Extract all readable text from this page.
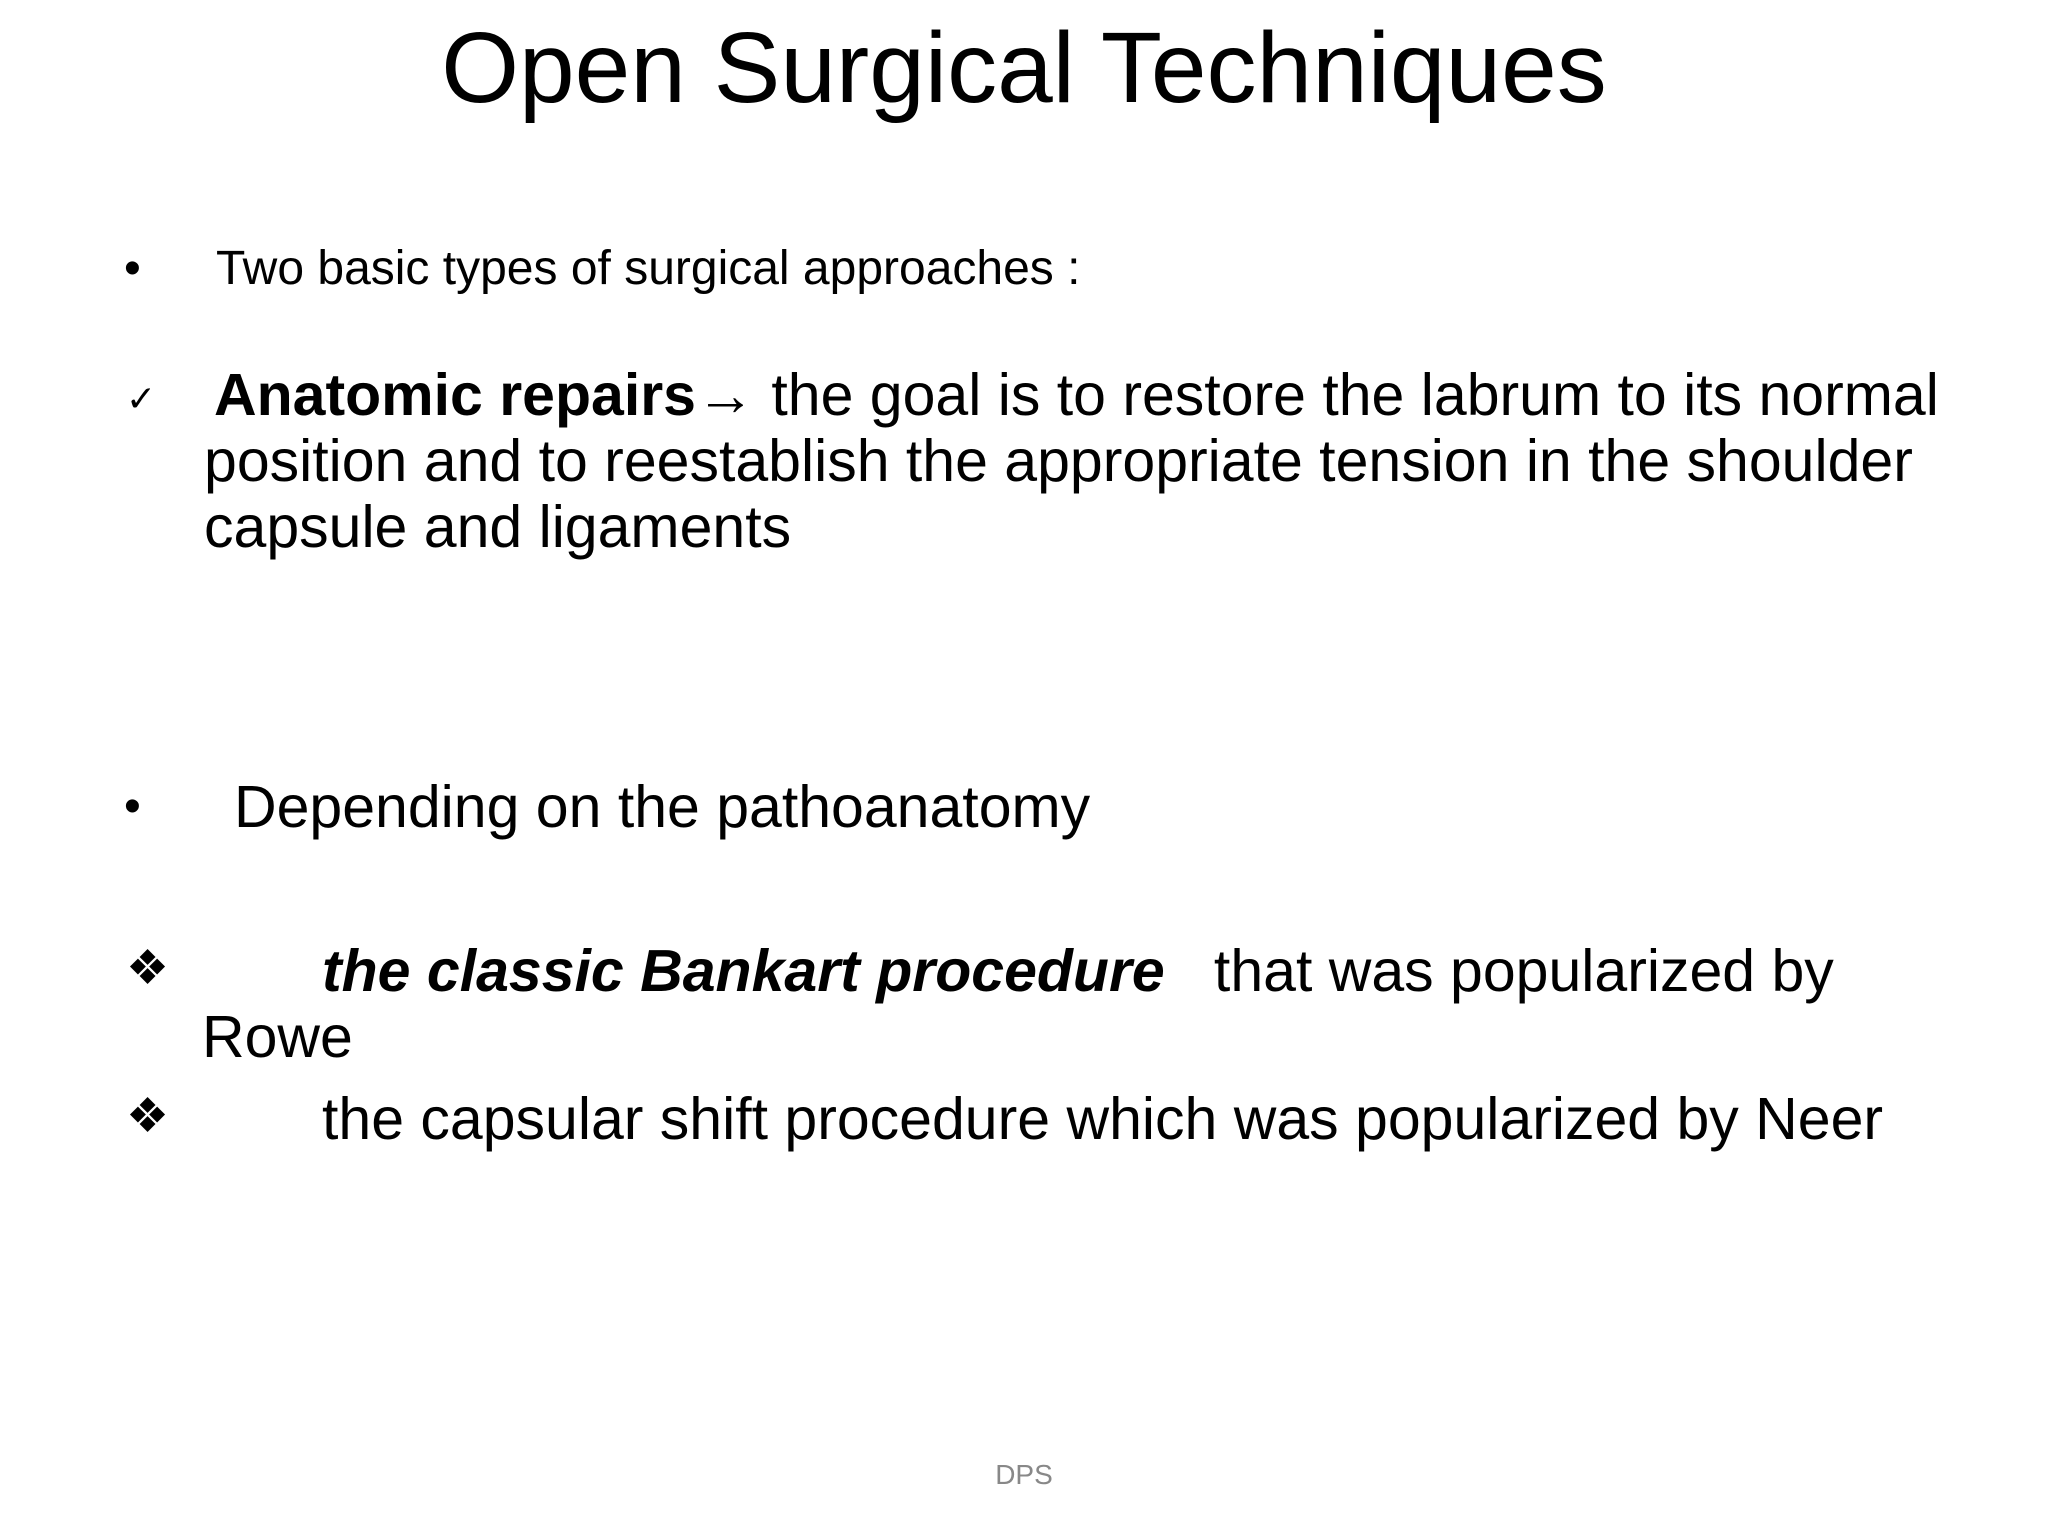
Open Surgical Techniques
•	Two basic types of surgical approaches :
✓ Anatomic repairs→ the goal is to restore the labrum to its normal position and to reestablish the appropriate tension in the shoulder capsule and ligaments
•	Depending on the pathoanatomy
❖	the classic Bankart procedure   that was popularized by Rowe
❖	the capsular shift procedure which was popularized by Neer
DPS
